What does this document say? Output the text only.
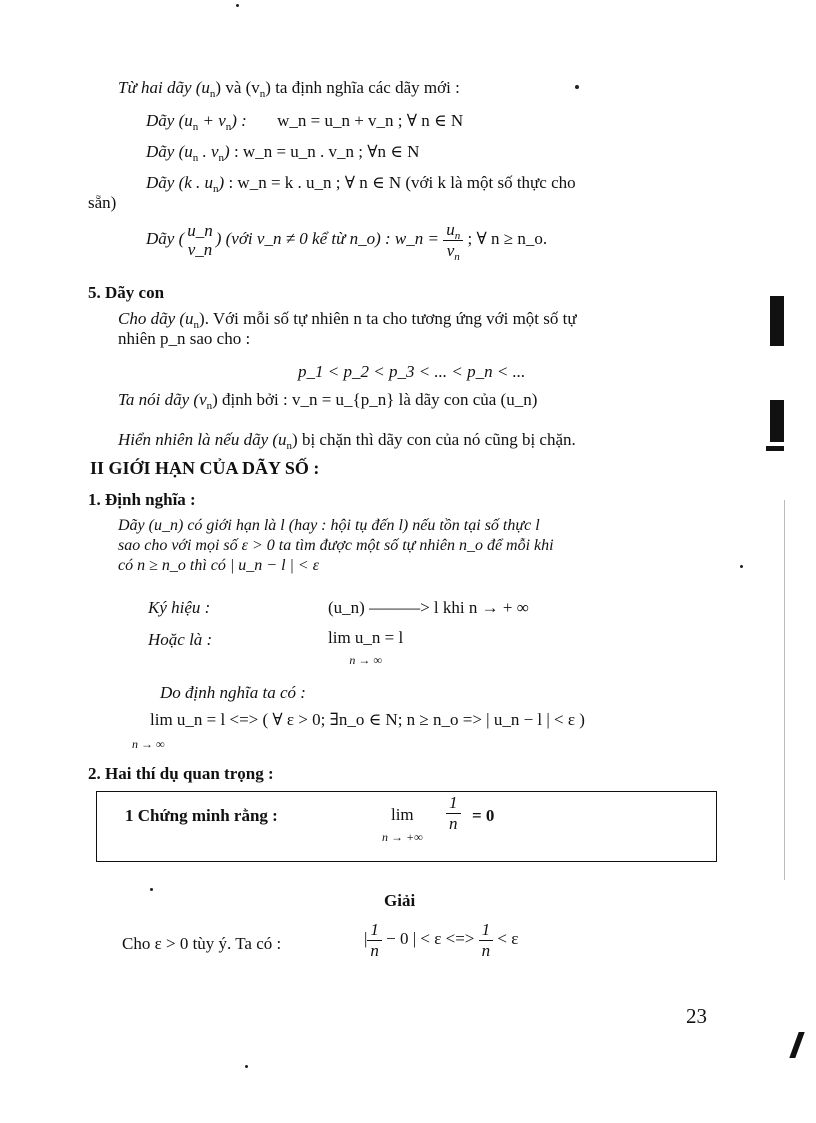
Từ hai dãy $(u_n)$ và $(v_n)$ ta định nghĩa các dãy mới :
Dãy $(u_n + v_n)$ : w_n = u_n + v_n ; ∀ n ∈ N
Dãy ($u_n$ . $v_n$) : w_n = u_n . v_n ; ∀n ∈ N
Dãy (k . $u_n$) : w_n = k . u_n ; ∀ n ∈ N (với k là một số thực cho
sẵn)
Dãy ( u_n
v_n
) (với v_n ≠ 0 kể từ n_o) : w_n = $\frac{u_n}{v_n}$ ; ∀ n ≥ n_o.
5. Dãy con
Cho dãy $(u_n)$. Với mỗi số tự nhiên n ta cho tương ứng với một số tự
nhiên p_n sao cho :
p_1 < p_2 < p_3 < ... < p_n < ...
Ta nói dãy $(v_n)$ định bởi : v_n = u_{p_n} là dãy con của (u_n)
Hiển nhiên là nếu dãy $(u_n)$ bị chặn thì dãy con của nó cũng bị chặn.
II GIỚI HẠN CỦA DÃY SỐ :
1. Định nghĩa :
Dãy (u_n) có giới hạn là l (hay : hội tụ đến l) nếu tồn tại số thực l
sao cho với mọi số ε > 0 ta tìm được một số tự nhiên n_o để mỗi khi
có n ≥ n_o thì có | u_n − l | < ε
Ký hiệu :	(u_n) ———> l khi n → + ∞
Hoặc là :	lim u_n = l
n → ∞
Do định nghĩa ta có :
lim u_n = l <=> ( ∀ ε > 0; ∃n_o ∈ N; n ≥ n_o => | u_n − l | < ε )
n → ∞
2. Hai thí dụ quan trọng :
1 Chứng minh rằng :	lim
n → +∞
$\frac{1}{n} = 0$
Giải
Cho ε > 0 tùy ý. Ta có :	| $\frac{1}{n} - 0$ | < ε <=> $\frac{1}{n} < \varepsilon$
23
